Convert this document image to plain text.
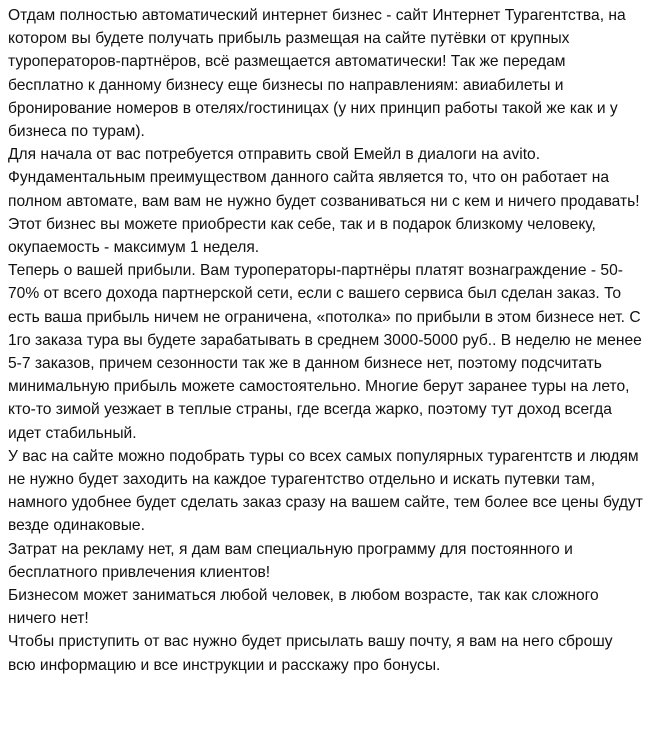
Отдам полностью автоматический интернет бизнес - сайт Интернет Турагентства, на котором вы будете получать прибыль размещая на сайте путёвки от крупных туроператоров-партнёров, всё размещается автоматически! Так же передам бесплатно к данному бизнесу еще бизнесы по направлениям: авиабилеты и бронирование номеров в отелях/гостиницах (у них принцип работы такой же как и у бизнеса по турам).

Для начала от вас потребуется отправить свой Емейл в диалоги на avito.

Фундаментальным преимуществом данного сайта является то, что он работает на полном автомате, вам вам не нужно будет созваниваться ни с кем и ничего продавать!

Этот бизнес вы можете приобрести как себе, так и в подарок близкому человеку, окупаемость - максимум 1 неделя.

Теперь о вашей прибыли. Вам туроператоры-партнёры платят вознаграждение - 50-70% от всего дохода партнерской сети, если с вашего сервиса был сделан заказ. То есть ваша прибыль ничем не ограничена, «потолка» по прибыли в этом бизнесе нет. С 1го заказа тура вы будете зарабатывать в среднем 3000-5000 руб.. В неделю не менее 5-7 заказов, причем сезонности так же в данном бизнесе нет, поэтому подсчитать минимальную прибыль можете самостоятельно. Многие берут заранее туры на лето, кто-то зимой уезжает в теплые страны, где всегда жарко, поэтому тут доход всегда идет стабильный.

У вас на сайте можно подобрать туры со всех самых популярных турагентств и людям не нужно будет заходить на каждое турагентство отдельно и искать путевки там, намного удобнее будет сделать заказ сразу на вашем сайте, тем более все цены будут везде одинаковые.

Затрат на рекламу нет, я дам вам специальную программу для постоянного и бесплатного привлечения клиентов!

Бизнесом может заниматься любой человек, в любом возрасте, так как сложного ничего нет!

Чтобы приступить от вас нужно будет присылать вашу почту, я вам на него сброшу всю информацию и все инструкции и расскажу про бонусы.
